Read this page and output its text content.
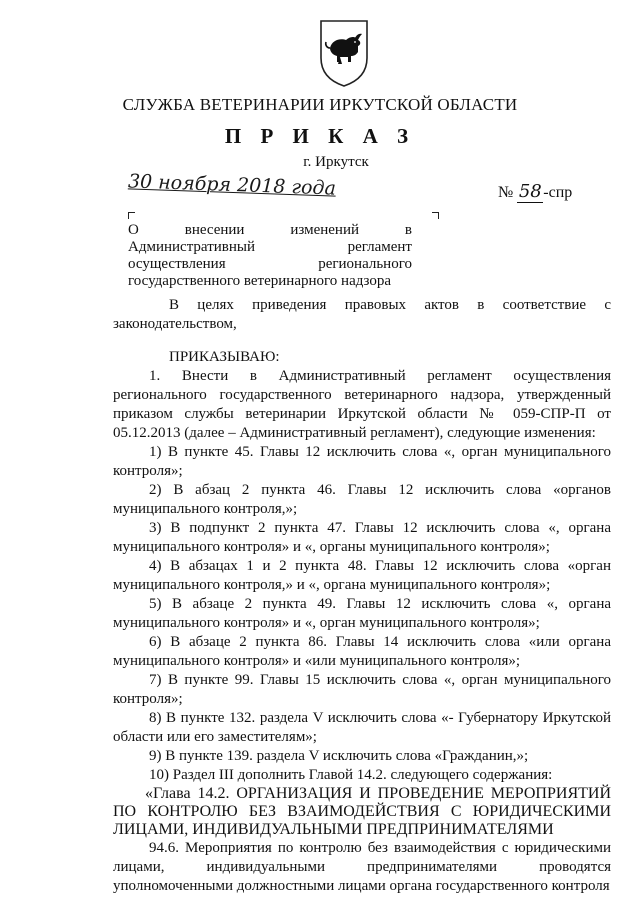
СЛУЖБА ВЕТЕРИНАРИИ ИРКУТСКОЙ ОБЛАСТИ
П Р И К А З
г. Иркутск
30 ноября 2018 года	№ 58-спр
О внесении изменений в Административный регламент осуществления регионального государственного ветеринарного надзора

В целях приведения правовых актов в соответствие с законодательством,

ПРИКАЗЫВАЮ:

1. Внести в Административный регламент осуществления регионального государственного ветеринарного надзора, утвержденный приказом службы ветеринарии Иркутской области № 059-СПР-П от 05.12.2013 (далее – Административный регламент), следующие изменения:

1) В пункте 45. Главы 12 исключить слова «, орган муниципального контроля»;

2) В абзац 2 пункта 46. Главы 12 исключить слова «органов муниципального контроля,»;

3) В подпункт 2 пункта 47. Главы 12 исключить слова «, органа муниципального контроля» и «, органы муниципального контроля»;

4) В абзацах 1 и 2 пункта 48. Главы 12 исключить слова «орган муниципального контроля,» и «, органа муниципального контроля»;

5) В абзаце 2 пункта 49. Главы 12 исключить слова «, органа муниципального контроля» и «, орган муниципального контроля»;

6) В абзаце 2 пункта 86. Главы 14 исключить слова «или органа муниципального контроля» и «или муниципального контроля»;

7) В пункте 99. Главы 15 исключить слова «, орган муниципального контроля»;

8) В пункте 132. раздела V исключить слова «- Губернатору Иркутской области или его заместителям»;

9) В пункте 139. раздела V исключить слова «Гражданин,»;

10) Раздел III дополнить Главой 14.2. следующего содержания:

«Глава 14.2. ОРГАНИЗАЦИЯ И ПРОВЕДЕНИЕ МЕРОПРИЯТИЙ ПО КОНТРОЛЮ БЕЗ ВЗАИМОДЕЙСТВИЯ С ЮРИДИЧЕСКИМИ ЛИЦАМИ, ИНДИВИДУАЛЬНЫМИ ПРЕДПРИНИМАТЕЛЯМИ

94.6. Мероприятия по контролю без взаимодействия с юридическими лицами, индивидуальными предпринимателями проводятся уполномоченными должностными лицами органа государственного контроля
